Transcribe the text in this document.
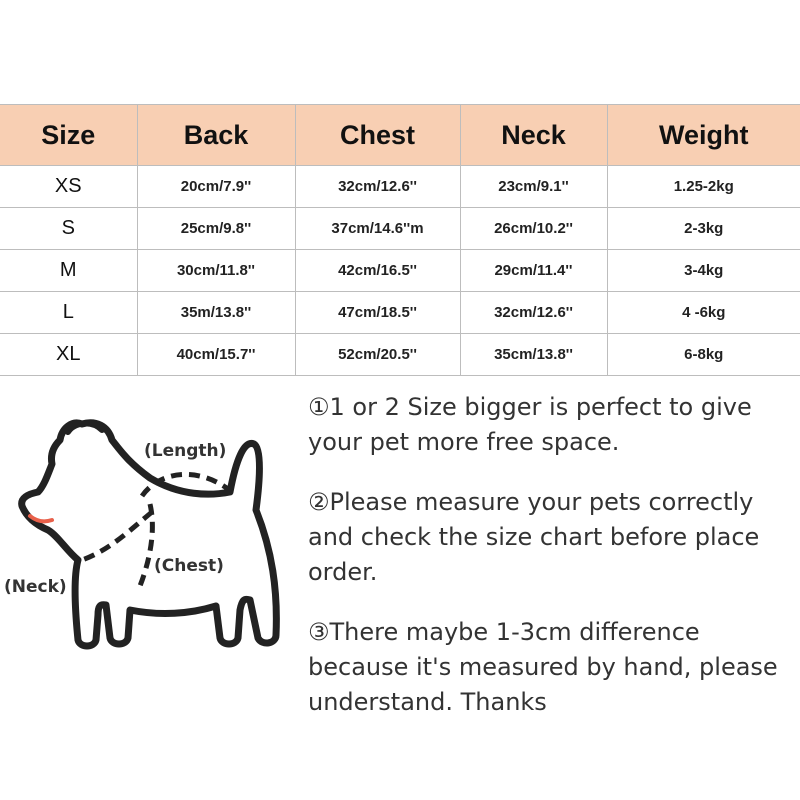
Size	Back	Chest	Neck	Weight
XS	20cm/7.9''	32cm/12.6''	23cm/9.1''	1.25-2kg
S	25cm/9.8''	37cm/14.6''m	26cm/10.2''	2-3kg
M	30cm/11.8''	42cm/16.5''	29cm/11.4''	3-4kg
L	35m/13.8''	47cm/18.5''	32cm/12.6''	4 -6kg
XL	40cm/15.7''	52cm/20.5''	35cm/13.8''	6-8kg
(Length)
(Chest)
(Neck)

①1 or 2 Size bigger is perfect to give your pet more free space.

②Please measure your pets correctly and check the size chart before place order.

③There maybe 1-3cm difference because it's measured by hand, please understand. Thanks
